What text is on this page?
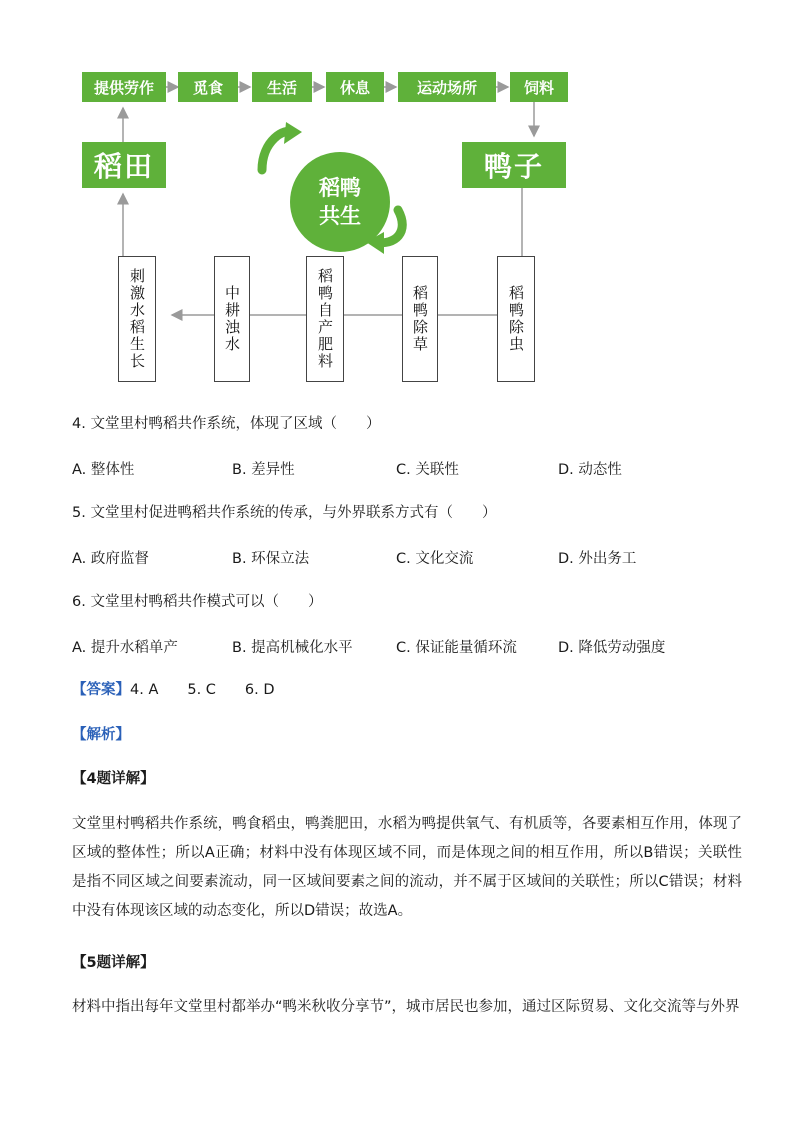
提供劳作	觅食	生活	休息	运动场所	饲料
稻田	鸭子
稻鸭
共生
刺激水稻生长	中耕浊水	稻鸭自产肥料	稻鸭除草	稻鸭除虫
4. 文堂里村鸭稻共作系统，体现了区域（　　）
A. 整体性	B. 差异性	C. 关联性	D. 动态性
5. 文堂里村促进鸭稻共作系统的传承，与外界联系方式有（　　）
A. 政府监督	B. 环保立法	C. 文化交流	D. 外出务工
6. 文堂里村鸭稻共作模式可以（　　）
A. 提升水稻单产	B. 提高机械化水平	C. 保证能量循环流	D. 降低劳动强度
【答案】4. A　　5. C　　6. D
【解析】
【4题详解】
文堂里村鸭稻共作系统，鸭食稻虫，鸭粪肥田，水稻为鸭提供氧气、有机质等，各要素相互作用，体现了区域的整体性；所以A正确；材料中没有体现区域不同，而是体现之间的相互作用，所以B错误；关联性是指不同区域之间要素流动，同一区域间要素之间的流动，并不属于区域间的关联性；所以C错误；材料中没有体现该区域的动态变化，所以D错误；故选A。
【5题详解】
材料中指出每年文堂里村都举办“鸭米秋收分享节”，城市居民也参加，通过区际贸易、文化交流等与外界
